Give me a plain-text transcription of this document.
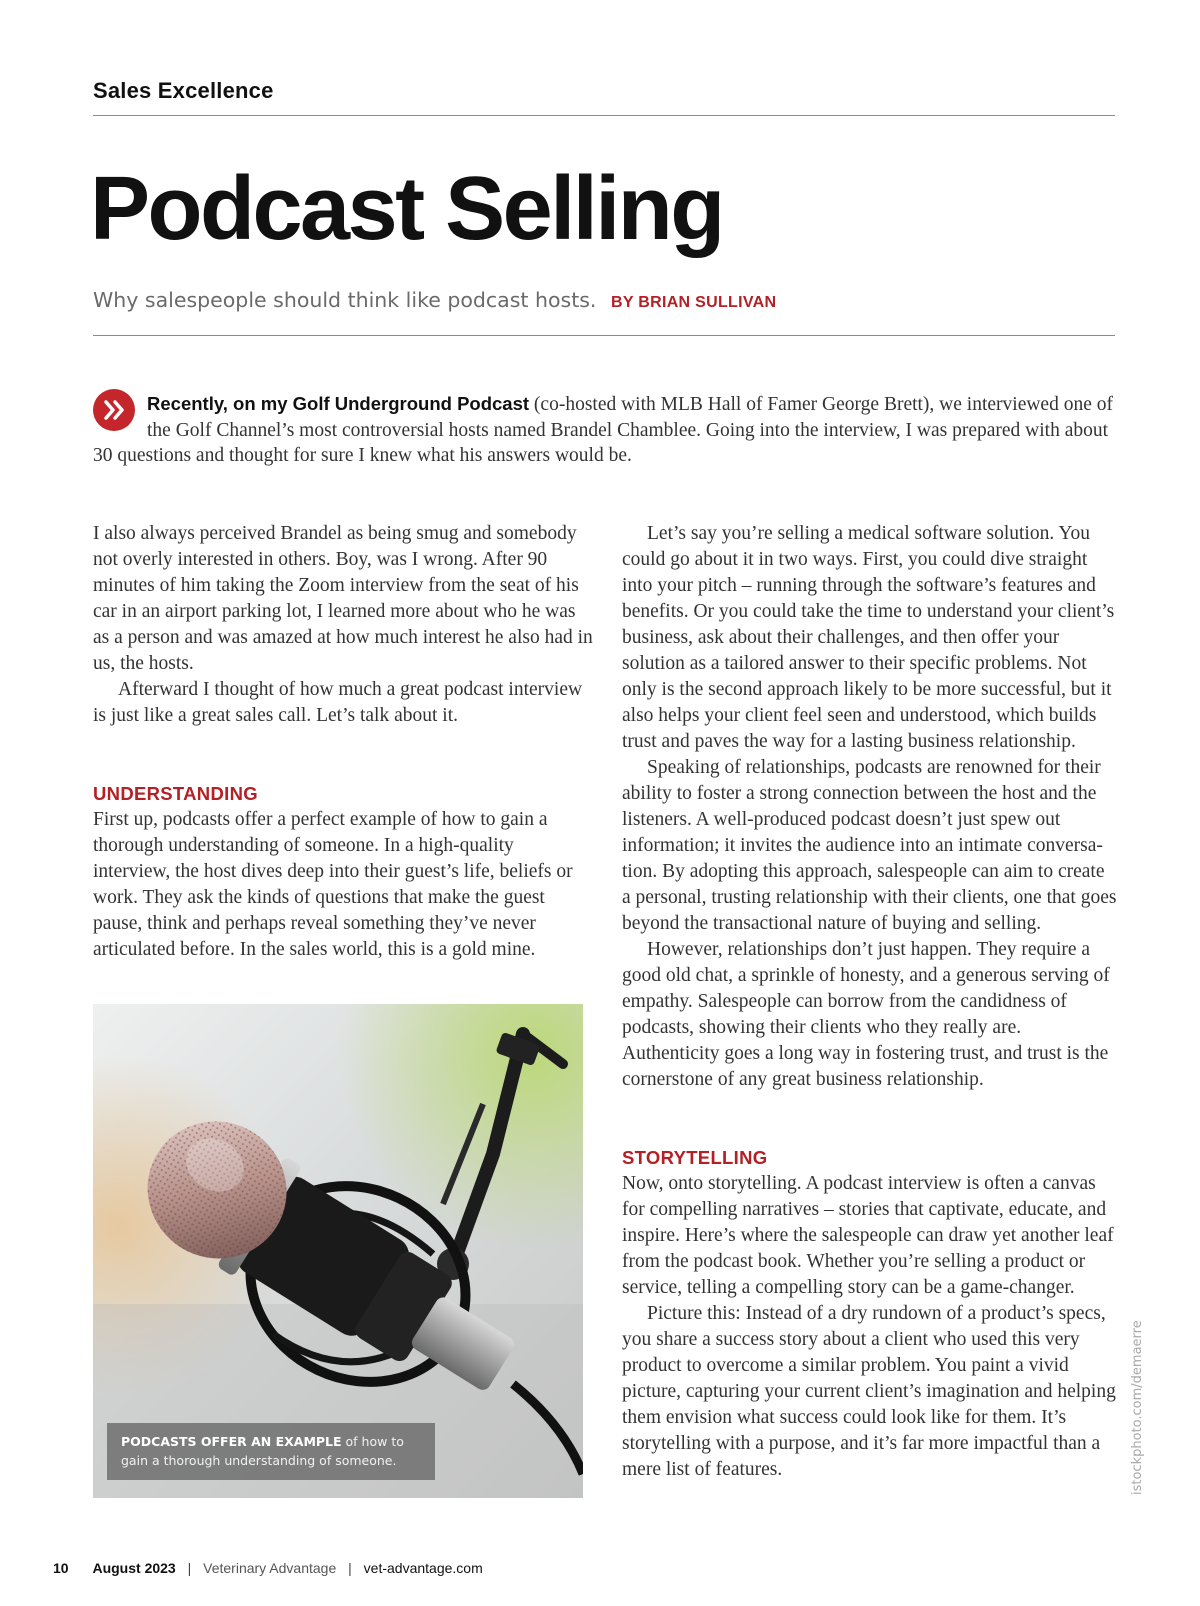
Sales Excellence
Podcast Selling
Why salespeople should think like podcast hosts. BY BRIAN SULLIVAN
Recently, on my Golf Underground Podcast (co-hosted with MLB Hall of Famer George Brett), we interviewed one of the Golf Channel’s most controversial hosts named Brandel Chamblee. Going into the interview, I was prepared with about 30 questions and thought for sure I knew what his answers would be.

I also always perceived Brandel as being smug and somebody not overly interested in others. Boy, was I wrong. After 90 minutes of him taking the Zoom interview from the seat of his car in an airport parking lot, I learned more about who he was as a person and was amazed at how much interest he also had in us, the hosts.

Afterward I thought of how much a great podcast interview is just like a great sales call. Let’s talk about it.

UNDERSTANDING

First up, podcasts offer a perfect example of how to gain a thorough understanding of someone. In a high-quality interview, the host dives deep into their guest’s life, beliefs or work. They ask the kinds of questions that make the guest pause, think and perhaps reveal something they’ve never articulated before. In the sales world, this is a gold mine.

PODCASTS OFFER AN EXAMPLE of how to gain a thorough understanding of someone.

Let’s say you’re selling a medical software solution. You could go about it in two ways. First, you could dive straight into your pitch – running through the software’s features and benefits. Or you could take the time to understand your client’s business, ask about their challenges, and then offer your solution as a tailored answer to their specific problems. Not only is the second approach likely to be more successful, but it also helps your client feel seen and understood, which builds trust and paves the way for a lasting business relationship.

Speaking of relationships, podcasts are renowned for their ability to foster a strong connection between the host and the listeners. A well-produced podcast doesn’t just spew out information; it invites the audience into an intimate conversation. By adopting this approach, salespeople can aim to create a personal, trusting relationship with their clients, one that goes beyond the transactional nature of buying and selling.

However, relationships don’t just happen. They require a good old chat, a sprinkle of honesty, and a generous serving of empathy. Salespeople can borrow from the candidness of podcasts, showing their clients who they really are. Authenticity goes a long way in fostering trust, and trust is the cornerstone of any great business relationship.

STORYTELLING

Now, onto storytelling. A podcast interview is often a canvas for compelling narratives – stories that captivate, educate, and inspire. Here’s where the salespeople can draw yet another leaf from the podcast book. Whether you’re selling a product or service, telling a compelling story can be a game-changer.

Picture this: Instead of a dry rundown of a product’s specs, you share a success story about a client who used this very product to overcome a similar problem. You paint a vivid picture, capturing your current client’s imagination and helping them envision what success could look like for them. It’s storytelling with a purpose, and it’s far more impactful than a mere list of features.	istockphoto.com/demaerre
10 August 2023 | Veterinary Advantage | vet-advantage.com
